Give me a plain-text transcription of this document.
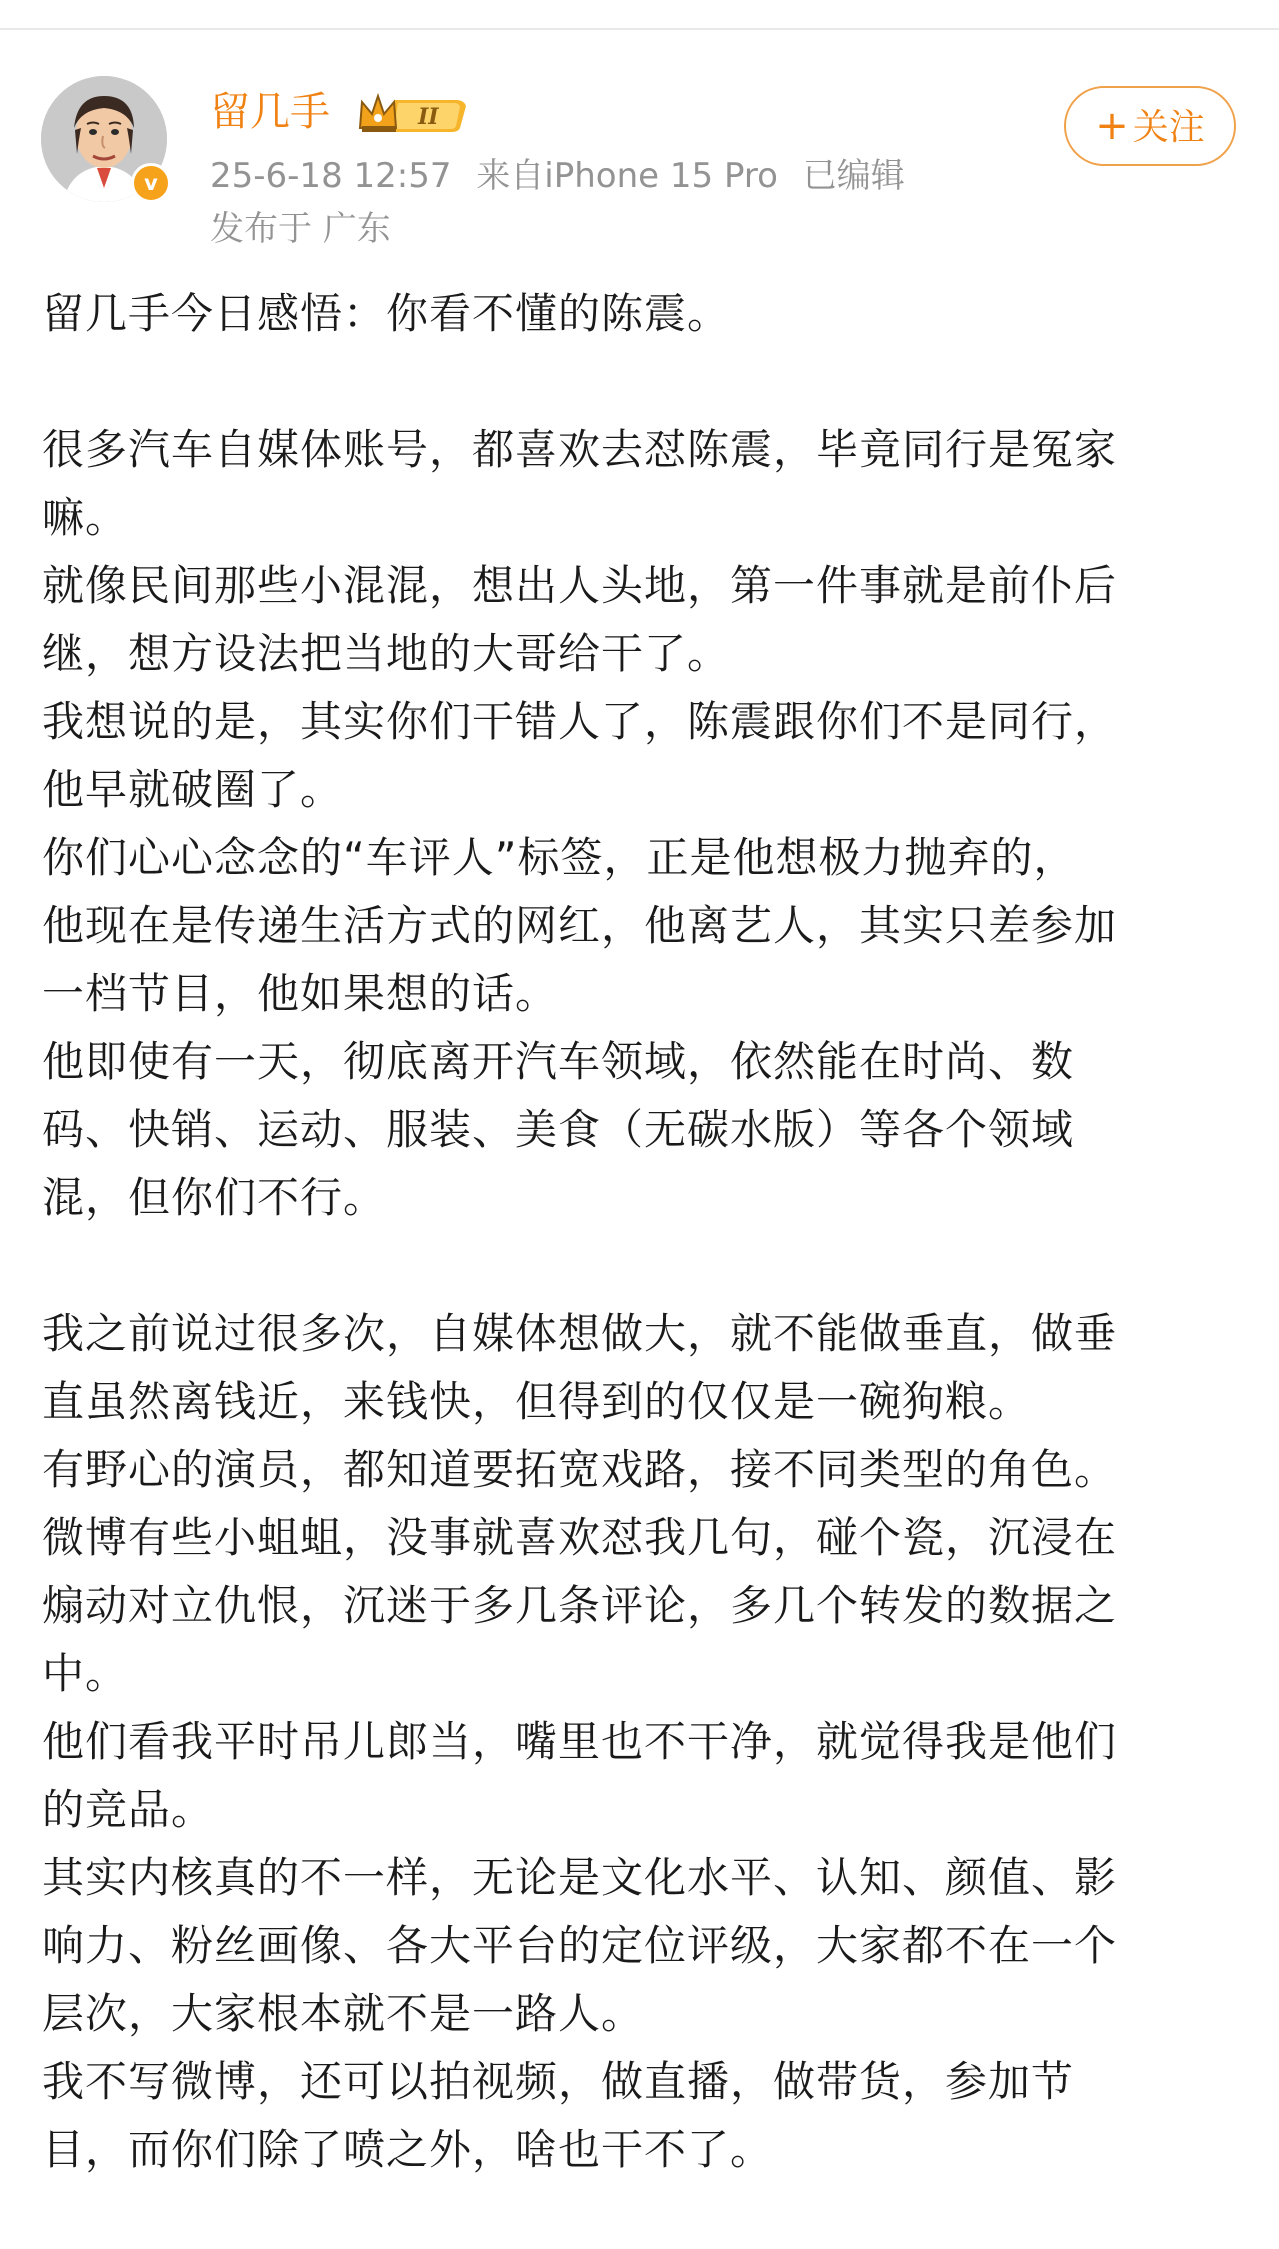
v
留几手	II
25-6-18 12:57 来自iPhone 15 Pro 已编辑
发布于 广东
+ 关注

留几手今日感悟：你看不懂的陈震。

很多汽车自媒体账号，都喜欢去怼陈震，毕竟同行是冤家

嘛。

就像民间那些小混混，想出人头地，第一件事就是前仆后

继，想方设法把当地的大哥给干了。

我想说的是，其实你们干错人了，陈震跟你们不是同行，

他早就破圈了。

你们心心念念的“车评人”标签，正是他想极力抛弃的，

他现在是传递生活方式的网红，他离艺人，其实只差参加

一档节目，他如果想的话。

他即使有一天，彻底离开汽车领域，依然能在时尚、数

码、快销、运动、服装、美食（无碳水版）等各个领域

混，但你们不行。

我之前说过很多次，自媒体想做大，就不能做垂直，做垂

直虽然离钱近，来钱快，但得到的仅仅是一碗狗粮。

有野心的演员，都知道要拓宽戏路，接不同类型的角色。

微博有些小蛆蛆，没事就喜欢怼我几句，碰个瓷，沉浸在

煽动对立仇恨，沉迷于多几条评论，多几个转发的数据之

中。

他们看我平时吊儿郎当，嘴里也不干净，就觉得我是他们

的竞品。

其实内核真的不一样，无论是文化水平、认知、颜值、影

响力、粉丝画像、各大平台的定位评级，大家都不在一个

层次，大家根本就不是一路人。

我不写微博，还可以拍视频，做直播，做带货，参加节

目，而你们除了喷之外，啥也干不了。
